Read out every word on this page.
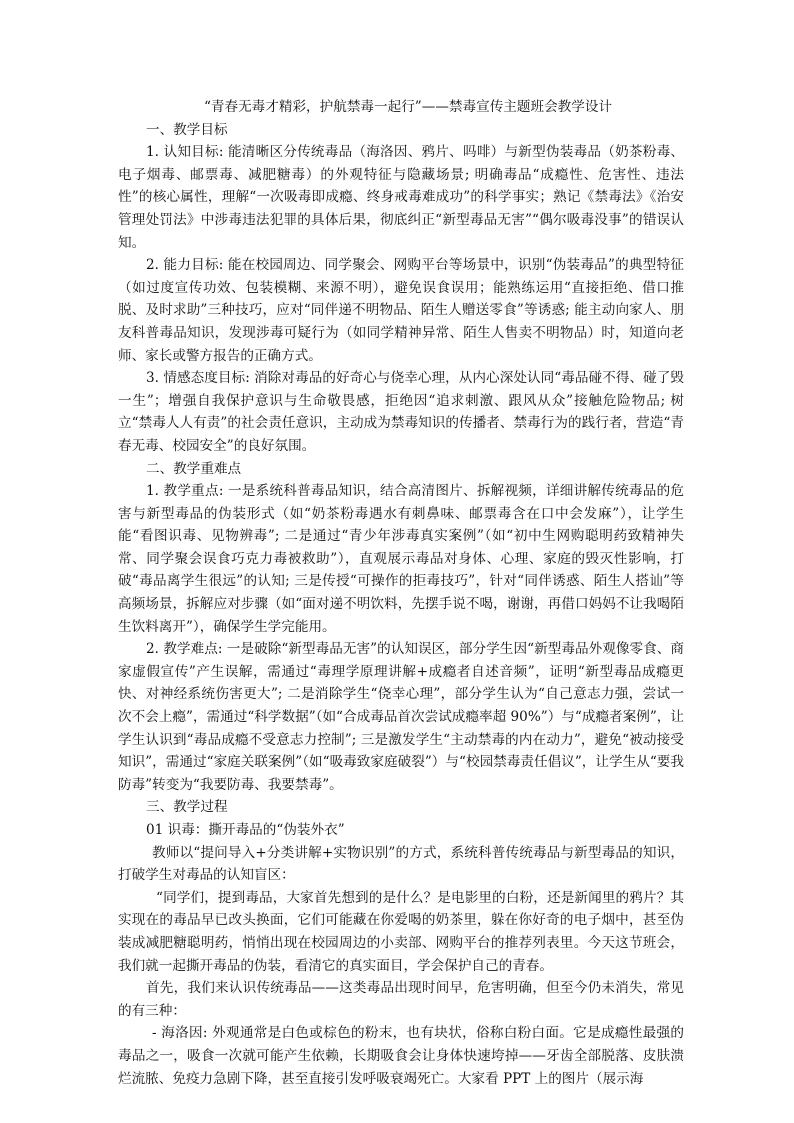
“青春无毒才精彩，护航禁毒一起行”——禁毒宣传主题班会教学设计
一、教学目标
1. 认知目标: 能清晰区分传统毒品（海洛因、鸦片、吗啡）与新型伪装毒品（奶茶粉毒、电子烟毒、邮票毒、减肥糖毒）的外观特征与隐藏场景; 明确毒品“成瘾性、危害性、违法性”的核心属性，理解“一次吸毒即成瘾、终身戒毒难成功”的科学事实；熟记《禁毒法》《治安管理处罚法》中涉毒违法犯罪的具体后果，彻底纠正“新型毒品无害”“偶尔吸毒没事”的错误认知。
2. 能力目标: 能在校园周边、同学聚会、网购平台等场景中，识别“伪装毒品”的典型特征（如过度宣传功效、包装模糊、来源不明），避免误食误用；能熟练运用“直接拒绝、借口推脱、及时求助”三种技巧，应对“同伴递不明物品、陌生人赠送零食”等诱惑; 能主动向家人、朋友科普毒品知识，发现涉毒可疑行为（如同学精神异常、陌生人售卖不明物品）时，知道向老师、家长或警方报告的正确方式。
3. 情感态度目标: 消除对毒品的好奇心与侥幸心理，从内心深处认同“毒品碰不得、碰了毁一生”；增强自我保护意识与生命敬畏感，拒绝因“追求刺激、跟风从众”接触危险物品; 树立“禁毒人人有责”的社会责任意识，主动成为禁毒知识的传播者、禁毒行为的践行者，营造“青春无毒、校园安全”的良好氛围。
二、教学重难点
1. 教学重点: 一是系统科普毒品知识，结合高清图片、拆解视频，详细讲解传统毒品的危害与新型毒品的伪装形式（如“奶茶粉毒遇水有刺鼻味、邮票毒含在口中会发麻”），让学生能“看图识毒、见物辨毒”; 二是通过“青少年涉毒真实案例”（如“初中生网购聪明药致精神失常、同学聚会误食巧克力毒被救助”），直观展示毒品对身体、心理、家庭的毁灭性影响，打破“毒品离学生很远”的认知; 三是传授“可操作的拒毒技巧”，针对“同伴诱惑、陌生人搭讪”等高频场景，拆解应对步骤（如“面对递不明饮料，先摆手说不喝，谢谢，再借口妈妈不让我喝陌生饮料离开”），确保学生学完能用。
2. 教学难点: 一是破除“新型毒品无害”的认知误区，部分学生因“新型毒品外观像零食、商家虚假宣传”产生误解，需通过“毒理学原理讲解+成瘾者自述音频”，证明“新型毒品成瘾更快、对神经系统伤害更大”; 二是消除学生“侥幸心理”，部分学生认为“自己意志力强，尝试一次不会上瘾”，需通过“科学数据”（如“合成毒品首次尝试成瘾率超 90%”）与“成瘾者案例”，让学生认识到“毒品成瘾不受意志力控制”; 三是激发学生“主动禁毒的内在动力”，避免“被动接受知识”，需通过“家庭关联案例”（如“吸毒致家庭破裂”）与“校园禁毒责任倡议”，让学生从“要我防毒”转变为“我要防毒、我要禁毒”。
三、教学过程
01 识毒：撕开毒品的“伪装外衣”
教师以“提问导入+分类讲解+实物识别”的方式，系统科普传统毒品与新型毒品的知识，打破学生对毒品的认知盲区：
“同学们，提到毒品，大家首先想到的是什么？是电影里的白粉，还是新闻里的鸦片？其实现在的毒品早已改头换面，它们可能藏在你爱喝的奶茶里，躲在你好奇的电子烟中，甚至伪装成减肥糖聪明药，悄悄出现在校园周边的小卖部、网购平台的推荐列表里。今天这节班会，我们就一起撕开毒品的伪装，看清它的真实面目，学会保护自己的青春。
首先，我们来认识传统毒品——这类毒品出现时间早，危害明确，但至今仍未消失，常见的有三种：
- 海洛因: 外观通常是白色或棕色的粉末，也有块状，俗称白粉白面。它是成瘾性最强的毒品之一，吸食一次就可能产生依赖，长期吸食会让身体快速垮掉——牙齿全部脱落、皮肤溃烂流脓、免疫力急剧下降，甚至直接引发呼吸衰竭死亡。大家看 PPT 上的图片（展示海
